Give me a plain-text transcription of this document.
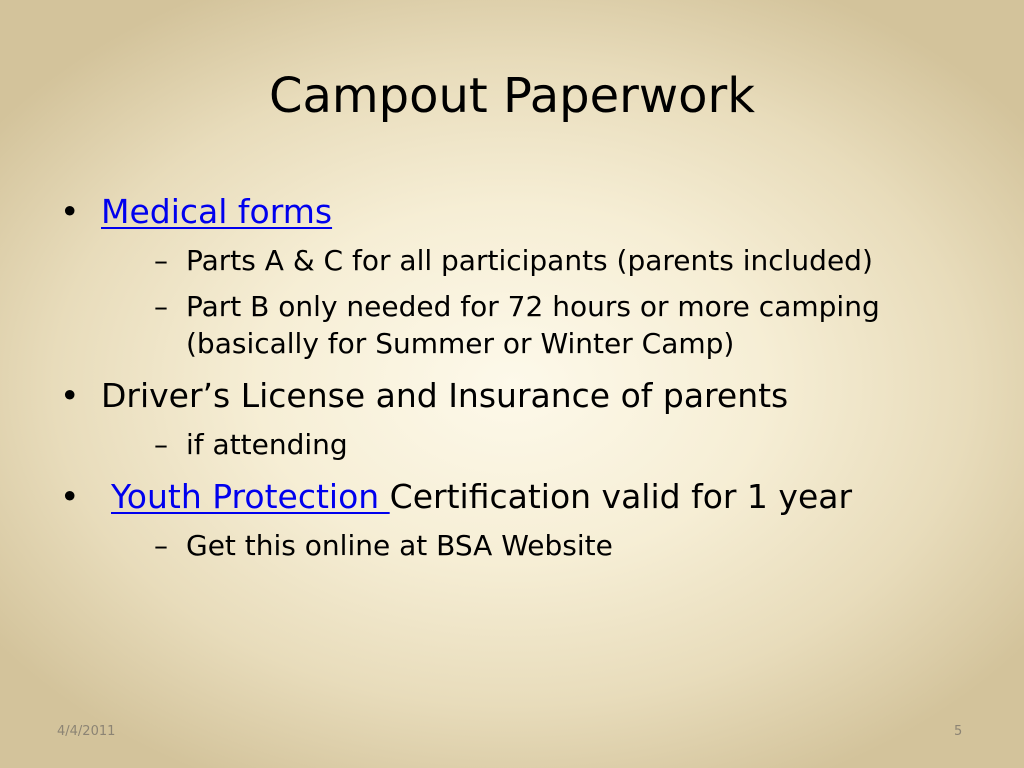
Campout Paperwork
• Medical forms
– Parts A & C for all participants (parents included)
– Part B only needed for 72 hours or more camping
(basically for Summer or Winter Camp)
• Driver’s License and Insurance of parents
– if attending
• Youth Protection Certification valid for 1 year
– Get this online at BSA Website
4/4/2011	5
